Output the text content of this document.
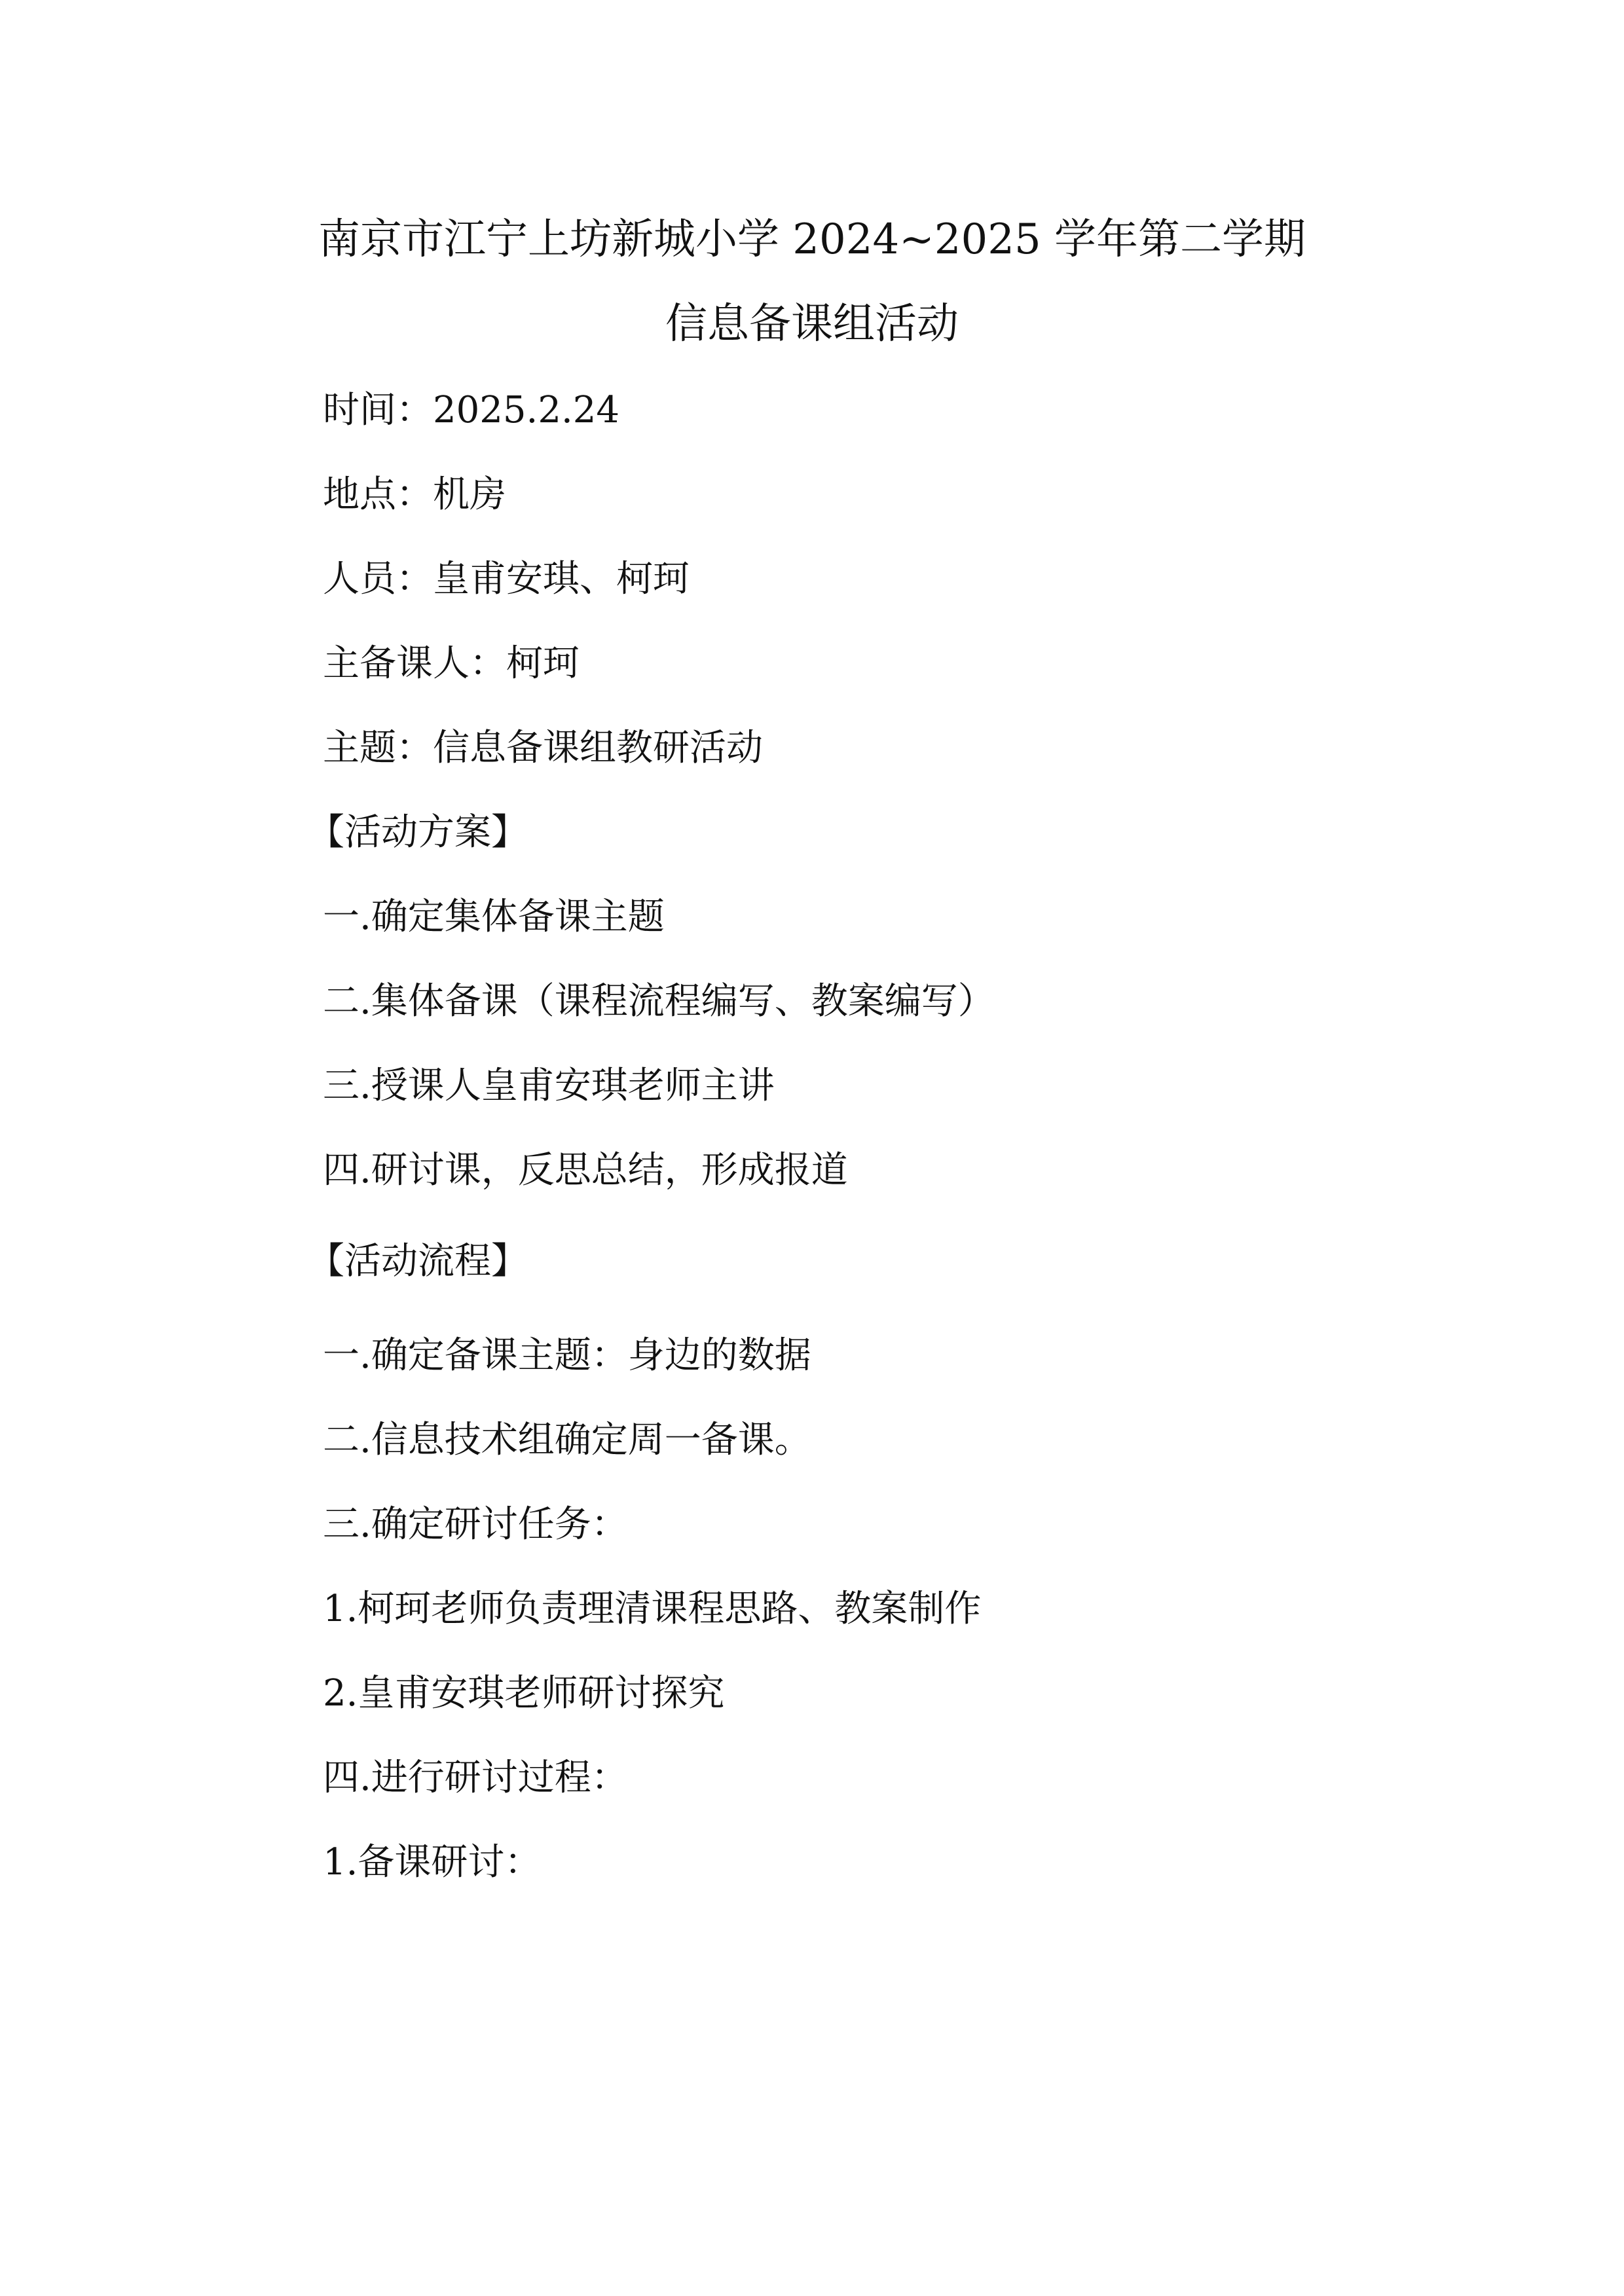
南京市江宁上坊新城小学 2024~2025 学年第二学期
信息备课组活动
时间：2025.2.24
地点：机房
人员：皇甫安琪、柯珂
主备课人：柯珂
主题：信息备课组教研活动
【活动方案】
一.确定集体备课主题
二.集体备课（课程流程编写、教案编写）
三.授课人皇甫安琪老师主讲
四.研讨课，反思总结，形成报道
【活动流程】
一.确定备课主题：身边的数据
二.信息技术组确定周一备课。
三.确定研讨任务：
1.柯珂老师负责理清课程思路、教案制作
2.皇甫安琪老师研讨探究
四.进行研讨过程：
1.备课研讨：
